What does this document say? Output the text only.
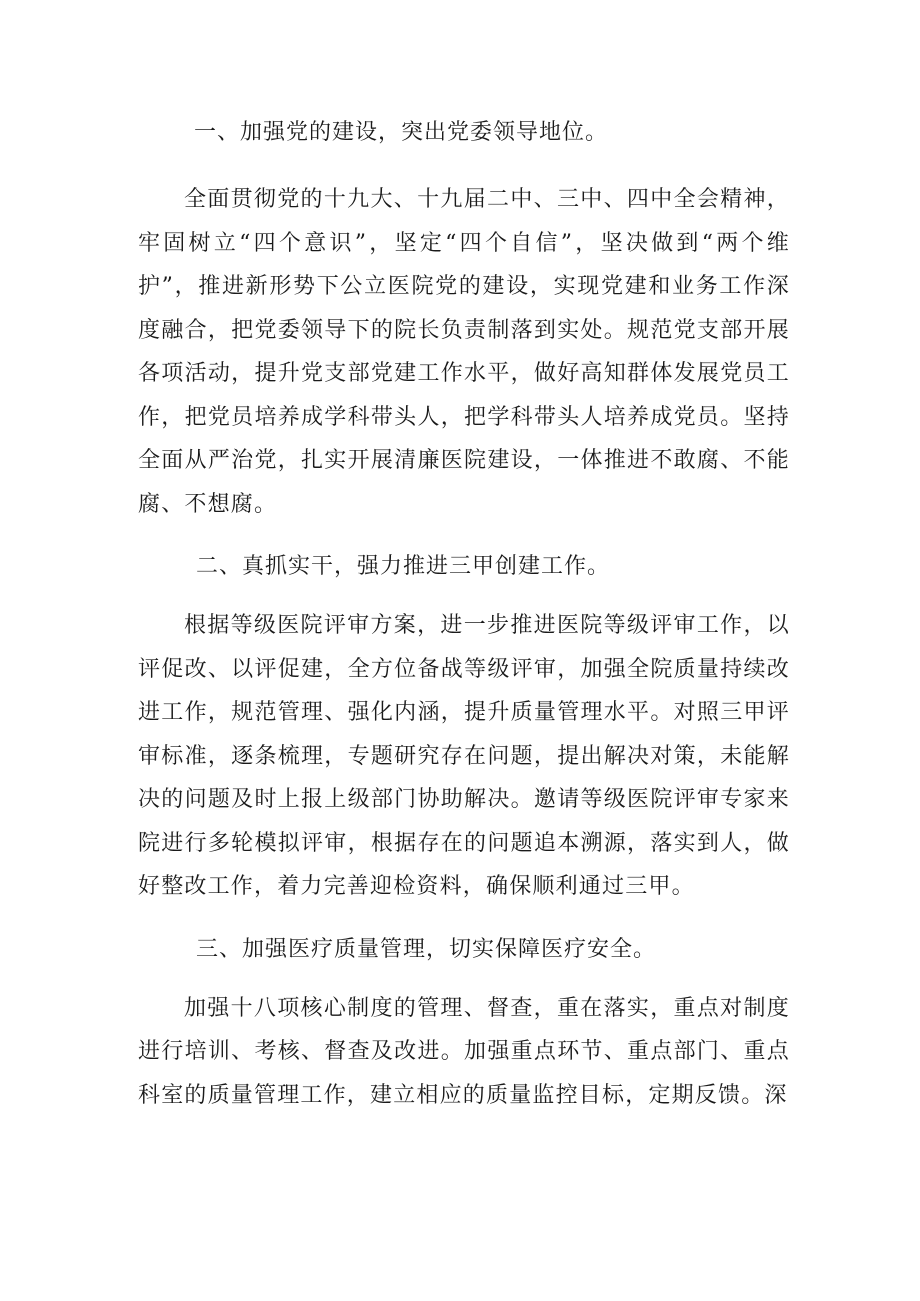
一、加强党的建设，突出党委领导地位。

全面贯彻党的十九大、十九届二中、三中、四中全会精神，牢固树立“四个意识”，坚定“四个自信”，坚决做到“两个维护”，推进新形势下公立医院党的建设，实现党建和业务工作深度融合，把党委领导下的院长负责制落到实处。规范党支部开展各项活动，提升党支部党建工作水平，做好高知群体发展党员工作，把党员培养成学科带头人，把学科带头人培养成党员。坚持全面从严治党，扎实开展清廉医院建设，一体推进不敢腐、不能腐、不想腐。

二、真抓实干，强力推进三甲创建工作。

根据等级医院评审方案，进一步推进医院等级评审工作，以评促改、以评促建，全方位备战等级评审，加强全院质量持续改进工作，规范管理、强化内涵，提升质量管理水平。对照三甲评审标准，逐条梳理，专题研究存在问题，提出解决对策，未能解决的问题及时上报上级部门协助解决。邀请等级医院评审专家来院进行多轮模拟评审，根据存在的问题追本溯源，落实到人，做好整改工作，着力完善迎检资料，确保顺利通过三甲。

三、加强医疗质量管理，切实保障医疗安全。

加强十八项核心制度的管理、督查，重在落实，重点对制度进行培训、考核、督查及改进。加强重点环节、重点部门、重点科室的质量管理工作，建立相应的质量监控目标，定期反馈。深
